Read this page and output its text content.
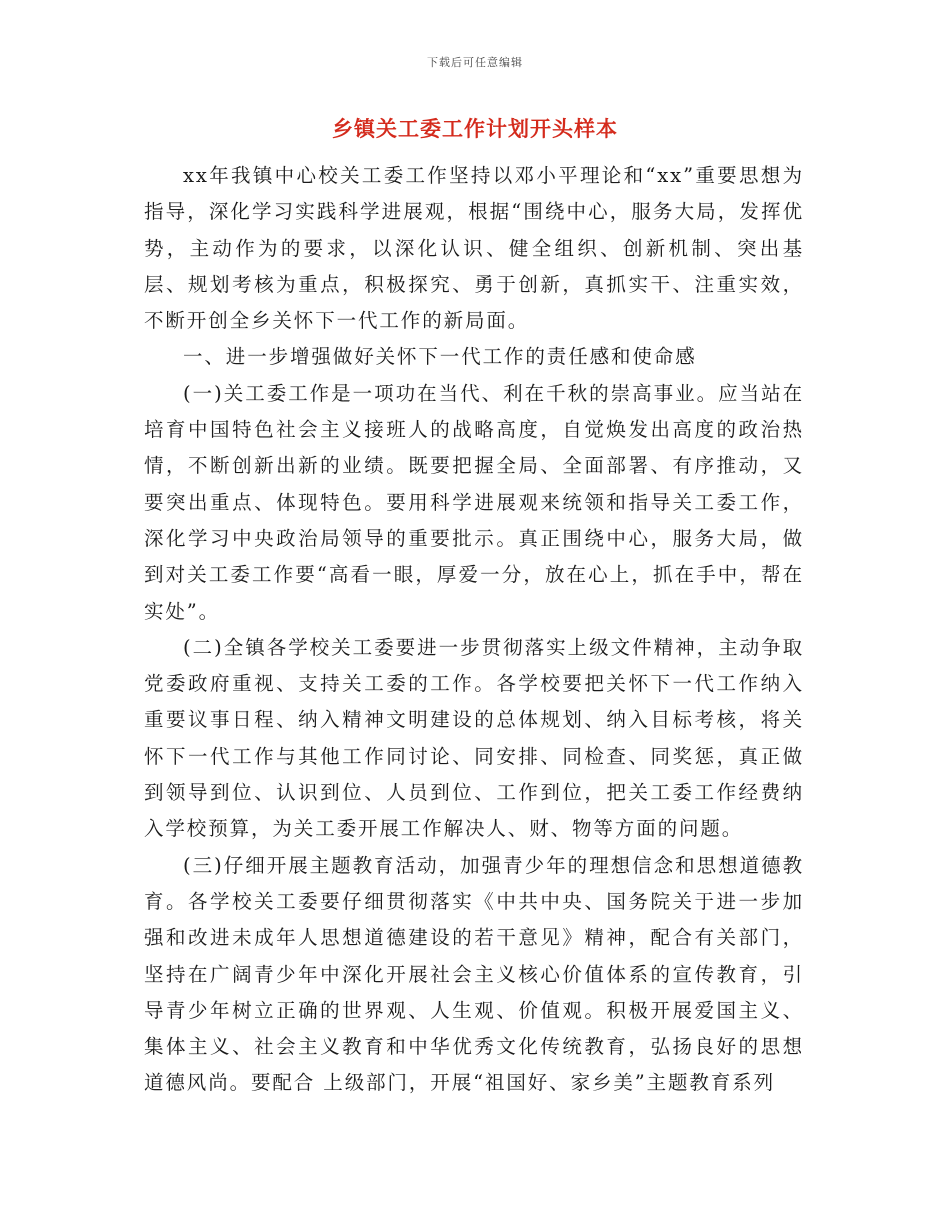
下载后可任意编辑
乡镇关工委工作计划开头样本

xx年我镇中心校关工委工作坚持以邓小平理论和“xx”重要思想为指导，深化学习实践科学进展观，根据“围绕中心，服务大局，发挥优势，主动作为的要求，以深化认识、健全组织、创新机制、突出基层、规划考核为重点，积极探究、勇于创新，真抓实干、注重实效，不断开创全乡关怀下一代工作的新局面。

一、进一步增强做好关怀下一代工作的责任感和使命感

(一)关工委工作是一项功在当代、利在千秋的崇高事业。应当站在培育中国特色社会主义接班人的战略高度，自觉焕发出高度的政治热情，不断创新出新的业绩。既要把握全局、全面部署、有序推动，又要突出重点、体现特色。要用科学进展观来统领和指导关工委工作，深化学习中央政治局领导的重要批示。真正围绕中心，服务大局，做到对关工委工作要“高看一眼，厚爱一分，放在心上，抓在手中，帮在实处”。

(二)全镇各学校关工委要进一步贯彻落实上级文件精神，主动争取党委政府重视、支持关工委的工作。各学校要把关怀下一代工作纳入重要议事日程、纳入精神文明建设的总体规划、纳入目标考核，将关怀下一代工作与其他工作同讨论、同安排、同检查、同奖惩，真正做到领导到位、认识到位、人员到位、工作到位，把关工委工作经费纳入学校预算，为关工委开展工作解决人、财、物等方面的问题。

(三)仔细开展主题教育活动，加强青少年的理想信念和思想道德教育。各学校关工委要仔细贯彻落实《中共中央、国务院关于进一步加强和改进未成年人思想道德建设的若干意见》精神，配合有关部门，坚持在广阔青少年中深化开展社会主义核心价值体系的宣传教育，引导青少年树立正确的世界观、人生观、价值观。积极开展爱国主义、集体主义、社会主义教育和中华优秀文化传统教育，弘扬良好的思想道德风尚。要配合 上级部门，开展“祖国好、家乡美”主题教育系列
